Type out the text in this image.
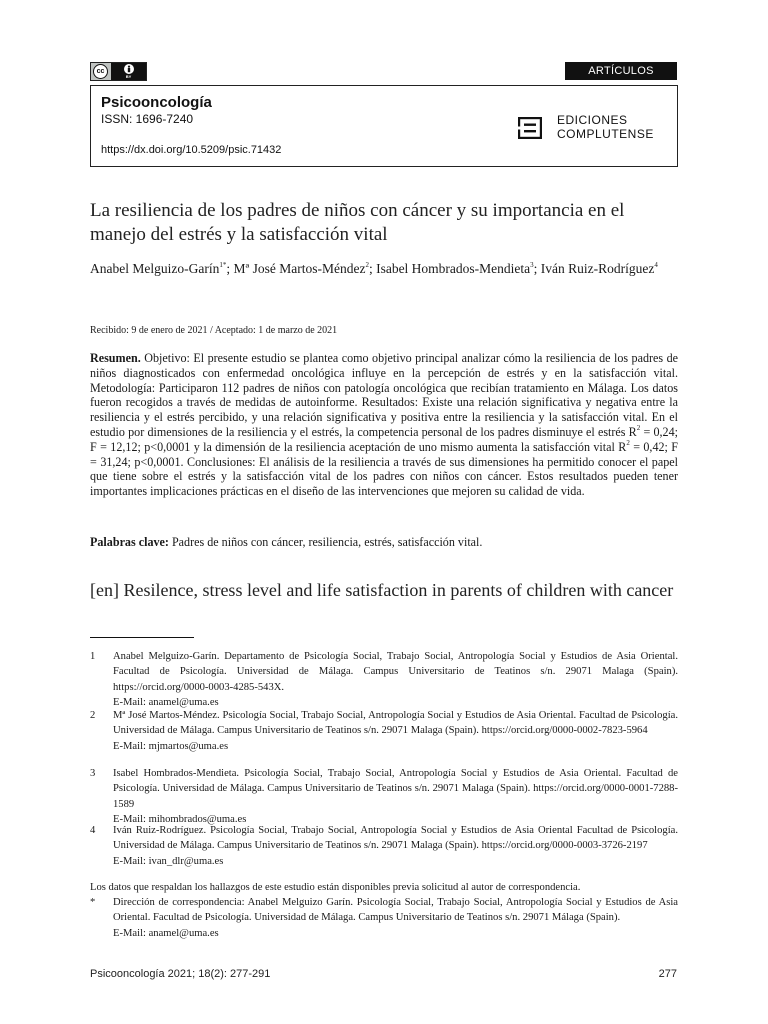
cc
BY	ARTÍCULOS
Psicooncología
ISSN: 1696-7240
https://dx.doi.org/10.5209/psic.71432
EDICIONES
COMPLUTENSE
La resiliencia de los padres de niños con cáncer y su importancia en el manejo del estrés y la satisfacción vital
Anabel Melguizo-Garín$^{1*}$; Mª José Martos-Méndez$^2$; Isabel Hombrados-Mendieta$^3$; Iván Ruiz-Rodríguez$^4$
Recibido: 9 de enero de 2021 / Aceptado: 1 de marzo de 2021
Resumen. Objetivo: El presente estudio se plantea como objetivo principal analizar cómo la resiliencia de los padres de niños diagnosticados con enfermedad oncológica influye en la percepción de estrés y en la satisfacción vital. Metodología: Participaron 112 padres de niños con patología oncológica que recibían tratamiento en Málaga. Los datos fueron recogidos a través de medidas de autoinforme. Resultados: Existe una relación significativa y negativa entre la resiliencia y el estrés percibido, y una relación significativa y positiva entre la resiliencia y la satisfacción vital. En el estudio por dimensiones de la resiliencia y el estrés, la competencia personal de los padres disminuye el estrés $R^2 = 0,24$; F = 12,12; p<0,0001 y la dimensión de la resiliencia aceptación de uno mismo aumenta la satisfacción vital $R^2 = 0,42$; F = 31,24; p<0,0001. Conclusiones: El análisis de la resiliencia a través de sus dimensiones ha permitido conocer el papel que tiene sobre el estrés y la satisfacción vital de los padres con niños con cáncer. Estos resultados pueden tener importantes implicaciones prácticas en el diseño de las intervenciones que mejoren su calidad de vida.
Palabras clave: Padres de niños con cáncer, resiliencia, estrés, satisfacción vital.
[en] Resilence, stress level and life satisfaction in parents of children with cancer
1	Anabel Melguizo-Garín. Departamento de Psicología Social, Trabajo Social, Antropología Social y Estudios de Asia Oriental. Facultad de Psicología. Universidad de Málaga. Campus Universitario de Teatinos s/n. 29071 Malaga (Spain). https://orcid.org/0000-0003-4285-543X.
E-Mail: anamel@uma.es
2	Mª José Martos-Méndez. Psicología Social, Trabajo Social, Antropología Social y Estudios de Asia Oriental. Facultad de Psicología. Universidad de Málaga. Campus Universitario de Teatinos s/n. 29071 Malaga (Spain). https://orcid.org/0000-0002-7823-5964
E-Mail: mjmartos@uma.es
3	Isabel Hombrados-Mendieta. Psicología Social, Trabajo Social, Antropología Social y Estudios de Asia Oriental. Facultad de Psicología. Universidad de Málaga. Campus Universitario de Teatinos s/n. 29071 Malaga (Spain). https://orcid.org/0000-0001-7288-1589
E-Mail: mihombrados@uma.es
4	Iván Ruiz-Rodríguez. Psicología Social, Trabajo Social, Antropología Social y Estudios de Asia Oriental Facultad de Psicología. Universidad de Málaga. Campus Universitario de Teatinos s/n. 29071 Malaga (Spain). https://orcid.org/0000-0003-3726-2197
E-Mail: ivan_dlr@uma.es
Los datos que respaldan los hallazgos de este estudio están disponibles previa solicitud al autor de correspondencia.
*	Dirección de correspondencia: Anabel Melguizo Garín. Psicología Social, Trabajo Social, Antropología Social y Estudios de Asia Oriental. Facultad de Psicología. Universidad de Málaga. Campus Universitario de Teatinos s/n. 29071 Málaga (Spain).
E-Mail: anamel@uma.es
Psicooncología 2021; 18(2): 277-291	277
